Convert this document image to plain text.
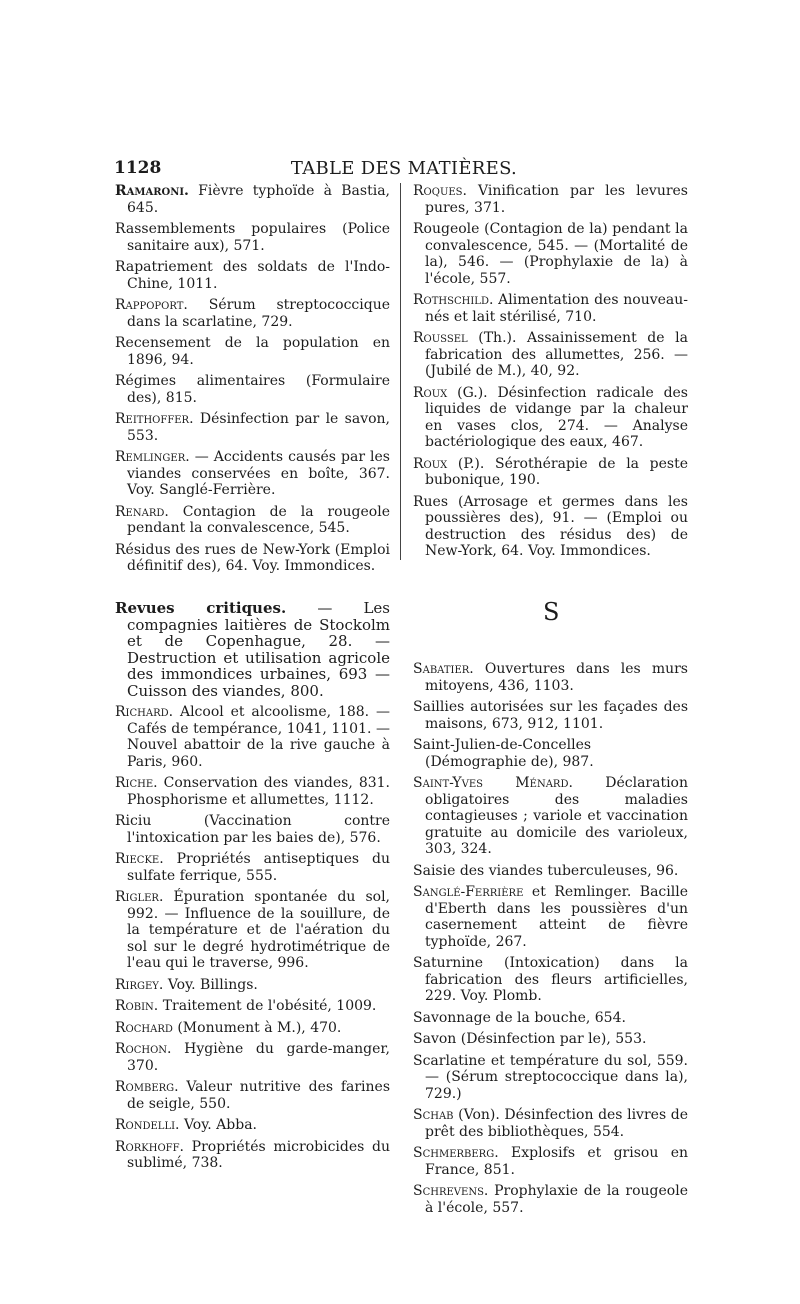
1128	TABLE DES MATIÈRES.
Ramaroni. Fièvre typhoïde à Bastia, 645.
Rassemblements populaires (Police sanitaire aux), 571.
Rapatriement des soldats de l'Indo-Chine, 1011.
Rappoport. Sérum streptococcique dans la scarlatine, 729.
Recensement de la population en 1896, 94.
Régimes alimentaires (Formulaire des), 815.
Reithoffer. Désinfection par le savon, 553.
Remlinger. — Accidents causés par les viandes conservées en boîte, 367. Voy. Sanglé-Ferrière.
Renard. Contagion de la rougeole pendant la convalescence, 545.
Résidus des rues de New-York (Emploi définitif des), 64. Voy. Immondices.
Revues critiques. — Les compagnies laitières de Stockolm et de Copenhague, 28. — Destruction et utilisation agricole des immondices urbaines, 693 — Cuisson des viandes, 800.
Richard. Alcool et alcoolisme, 188. — Cafés de tempérance, 1041, 1101. — Nouvel abattoir de la rive gauche à Paris, 960.
Riche. Conservation des viandes, 831. Phosphorisme et allumettes, 1112.
Riciu (Vaccination contre l'intoxication par les baies de), 576.
Riecke. Propriétés antiseptiques du sulfate ferrique, 555.
Rigler. Épuration spontanée du sol, 992. — Influence de la souillure, de la température et de l'aération du sol sur le degré hydrotimétrique de l'eau qui le traverse, 996.
Rirgey. Voy. Billings.
Robin. Traitement de l'obésité, 1009.
Rochard (Monument à M.), 470.
Rochon. Hygiène du garde-manger, 370.
Romberg. Valeur nutritive des farines de seigle, 550.
Rondelli. Voy. Abba.
Rorkhoff. Propriétés microbicides du sublimé, 738.
Roques. Vinification par les levures pures, 371.
Rougeole (Contagion de la) pendant la convalescence, 545. — (Mortalité de la), 546. — (Prophylaxie de la) à l'école, 557.
Rothschild. Alimentation des nouveau-nés et lait stérilisé, 710.
Roussel (Th.). Assainissement de la fabrication des allumettes, 256. — (Jubilé de M.), 40, 92.
Roux (G.). Désinfection radicale des liquides de vidange par la chaleur en vases clos, 274. — Analyse bactériologique des eaux, 467.
Roux (P.). Sérothérapie de la peste bubonique, 190.
Rues (Arrosage et germes dans les poussières des), 91. — (Emploi ou destruction des résidus des) de New-York, 64. Voy. Immondices.
S
Sabatier. Ouvertures dans les murs mitoyens, 436, 1103.
Saillies autorisées sur les façades des maisons, 673, 912, 1101.
Saint-Julien-de-Concelles (Démographie de), 987.
Saint-Yves Ménard. Déclaration obligatoires des maladies contagieuses ; variole et vaccination gratuite au domicile des varioleux, 303, 324.
Saisie des viandes tuberculeuses, 96.
Sanglé-Ferrière et Remlinger. Bacille d'Eberth dans les poussières d'un casernement atteint de fièvre typhoïde, 267.
Saturnine (Intoxication) dans la fabrication des fleurs artificielles, 229. Voy. Plomb.
Savonnage de la bouche, 654.
Savon (Désinfection par le), 553.
Scarlatine et température du sol, 559. — (Sérum streptococcique dans la), 729.)
Schab (Von). Désinfection des livres de prêt des bibliothèques, 554.
Schmerberg. Explosifs et grisou en France, 851.
Schrevens. Prophylaxie de la rougeole à l'école, 557.
